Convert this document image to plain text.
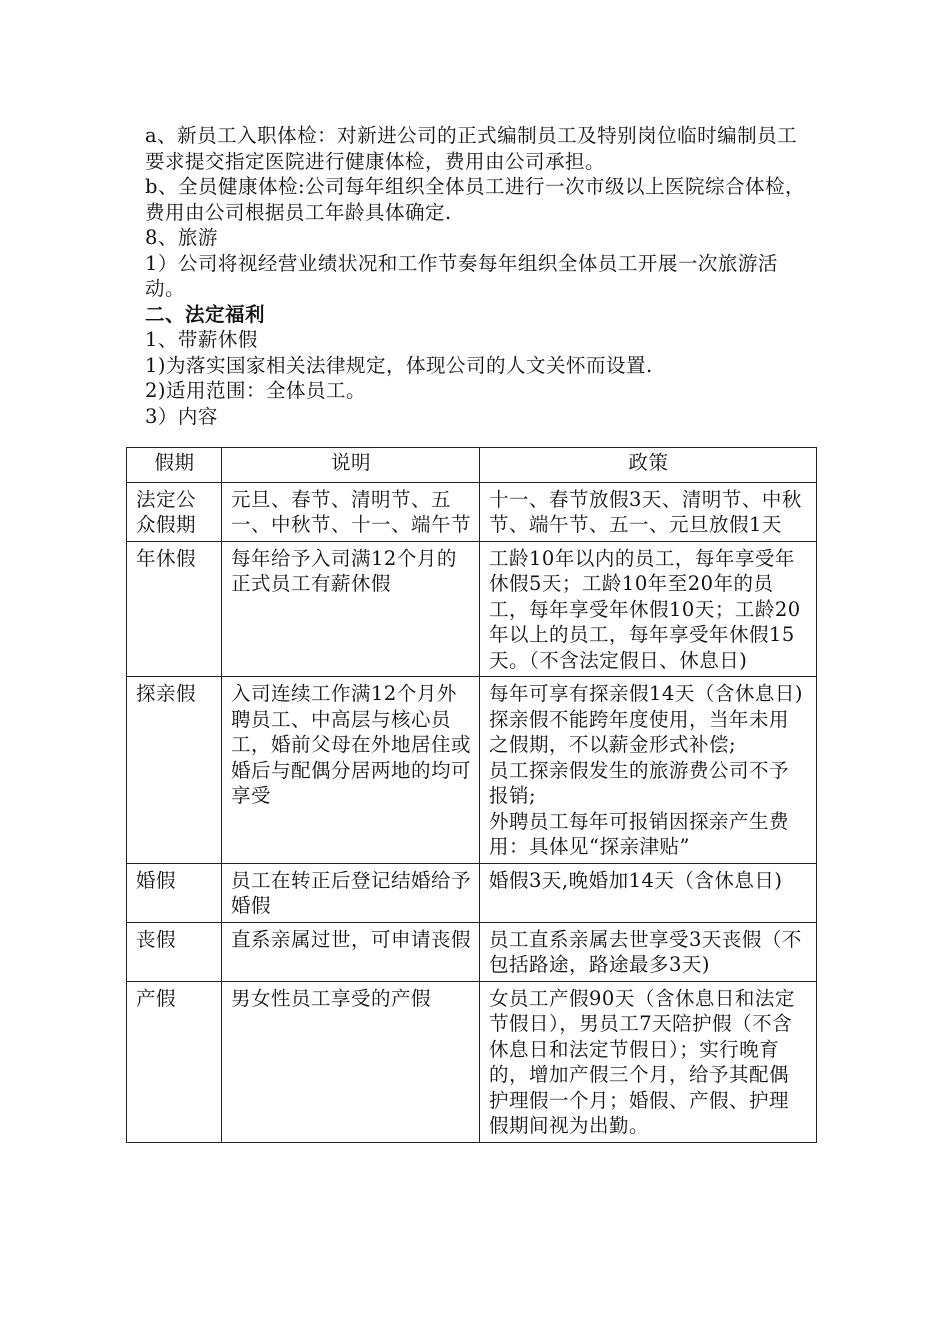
a、新员工入职体检：对新进公司的正式编制员工及特别岗位临时编制员工要求提交指定医院进行健康体检，费用由公司承担。

b、全员健康体检:公司每年组织全体员工进行一次市级以上医院综合体检，费用由公司根据员工年龄具体确定.

8、旅游

1）公司将视经营业绩状况和工作节奏每年组织全体员工开展一次旅游活动。

二、法定福利

1、带薪休假

1)为落实国家相关法律规定，体现公司的人文关怀而设置.

2)适用范围：全体员工。

3）内容

假期	说明	政策
法定公众假期	元旦、春节、清明节、五一、中秋节、十一、端午节	十一、春节放假3天、清明节、中秋节、端午节、五一、元旦放假1天

年休假	每年给予入司满12个月的正式员工有薪休假	工龄10年以内的员工，每年享受年休假5天；工龄10年至20年的员工，每年享受年休假10天；工龄20年以上的员工，每年享受年休假15天。（不含法定假日、休息日)

探亲假	入司连续工作满12个月外聘员工、中高层与核心员工，婚前父母在外地居住或婚后与配偶分居两地的均可享受	每年可享有探亲假14天（含休息日)探亲假不能跨年度使用，当年未用之假期，不以薪金形式补偿;
员工探亲假发生的旅游费公司不予报销;
外聘员工每年可报销因探亲产生费用：具体见“探亲津贴”

婚假	员工在转正后登记结婚给予婚假	婚假3天,晚婚加14天（含休息日)

丧假	直系亲属过世，可申请丧假	员工直系亲属去世享受3天丧假（不包括路途，路途最多3天)

产假	男女性员工享受的产假	女员工产假90天（含休息日和法定节假日），男员工7天陪护假（不含休息日和法定节假日）；实行晚育的，增加产假三个月，给予其配偶护理假一个月；婚假、产假、护理假期间视为出勤。
